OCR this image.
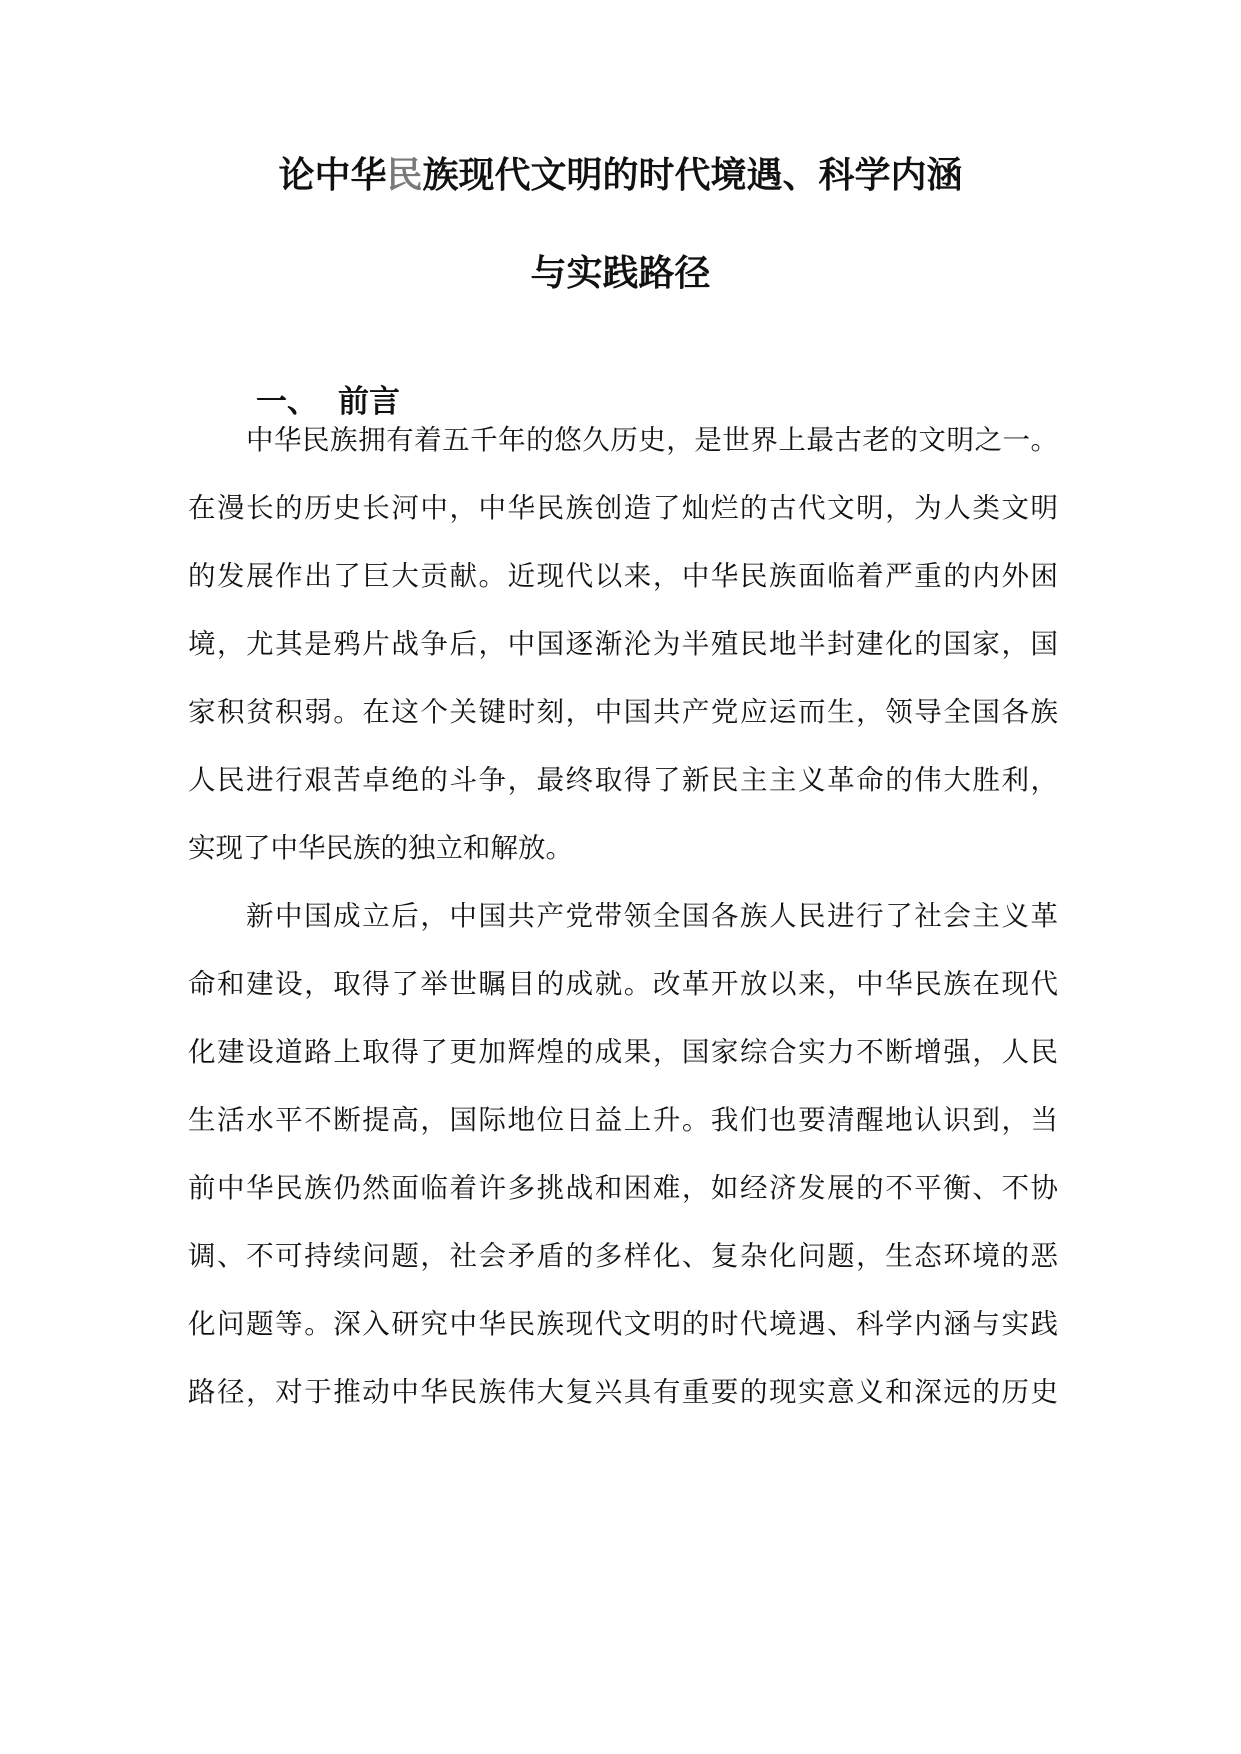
论中华民族现代文明的时代境遇、科学内涵
与实践路径
一、 前言
中华民族拥有着五千年的悠久历史，是世界上最古老的文明之一。
在漫长的历史长河中，中华民族创造了灿烂的古代文明，为人类文明
的发展作出了巨大贡献。近现代以来，中华民族面临着严重的内外困
境，尤其是鸦片战争后，中国逐渐沦为半殖民地半封建化的国家，国
家积贫积弱。在这个关键时刻，中国共产党应运而生，领导全国各族
人民进行艰苦卓绝的斗争，最终取得了新民主主义革命的伟大胜利，
实现了中华民族的独立和解放。
新中国成立后，中国共产党带领全国各族人民进行了社会主义革
命和建设，取得了举世瞩目的成就。改革开放以来，中华民族在现代
化建设道路上取得了更加辉煌的成果，国家综合实力不断增强，人民
生活水平不断提高，国际地位日益上升。我们也要清醒地认识到，当
前中华民族仍然面临着许多挑战和困难，如经济发展的不平衡、不协
调、不可持续问题，社会矛盾的多样化、复杂化问题，生态环境的恶
化问题等。深入研究中华民族现代文明的时代境遇、科学内涵与实践
路径，对于推动中华民族伟大复兴具有重要的现实意义和深远的历史
